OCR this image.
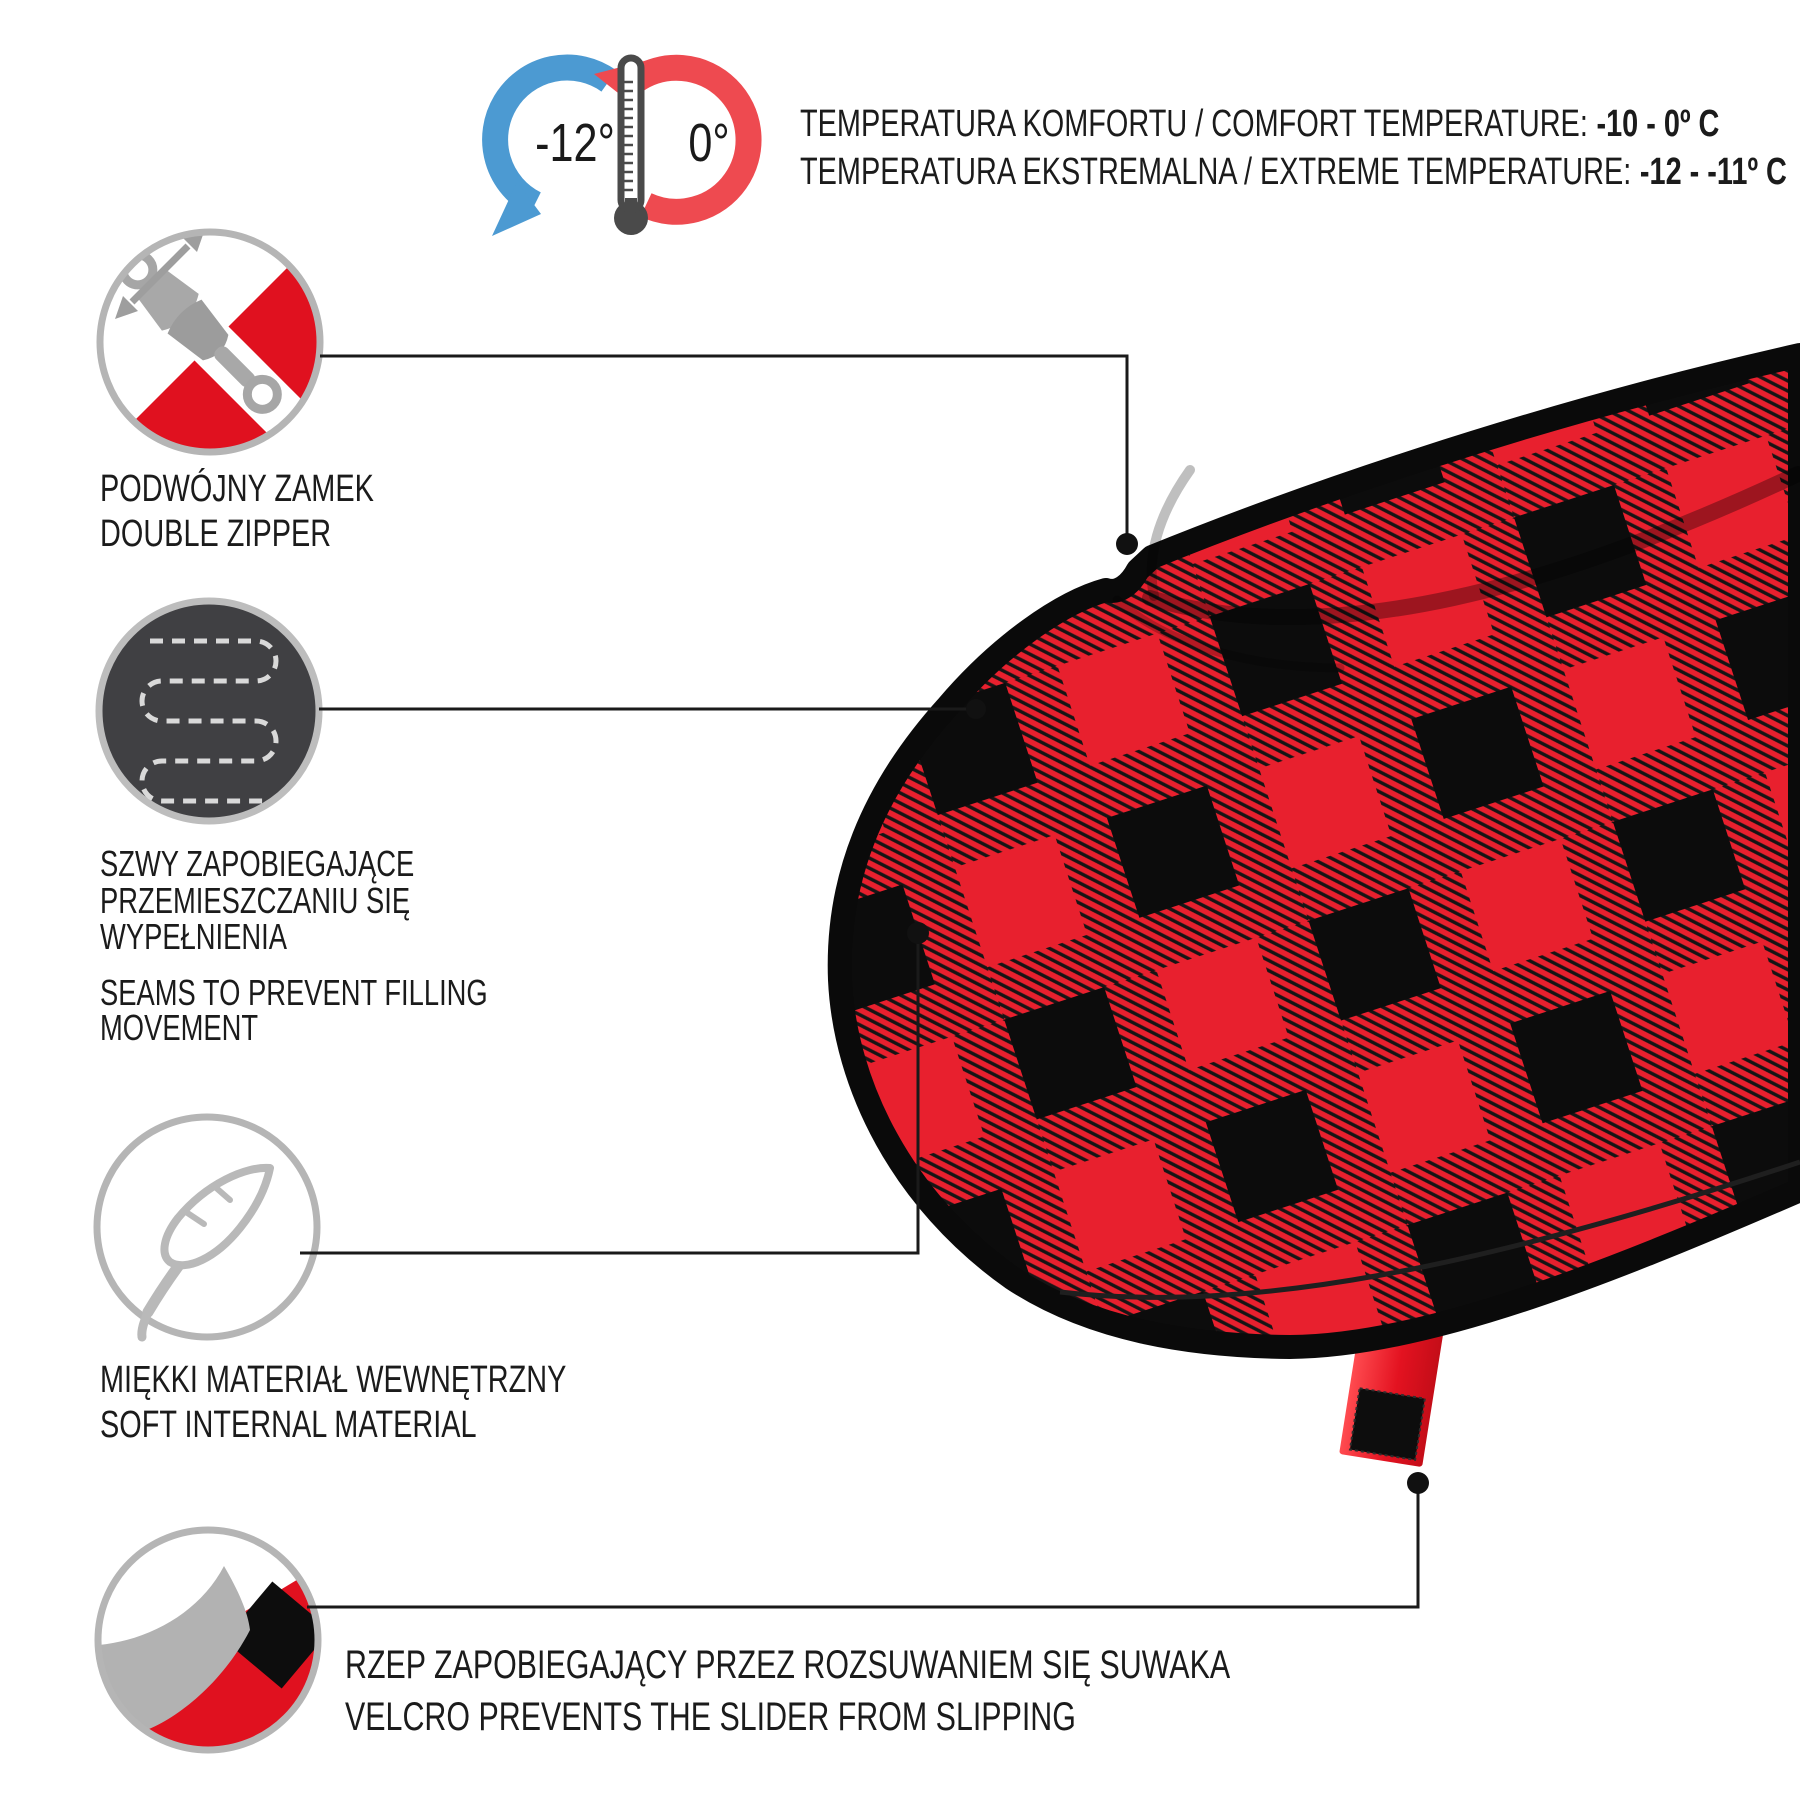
-12°	0°	TEMPERATURA KOMFORTU / COMFORT TEMPERATURE: -10 - 0º C
TEMPERATURA EKSTREMALNA / EXTREME TEMPERATURE: -12 - -11º C
PODWÓJNY ZAMEK
DOUBLE ZIPPER
SZWY ZAPOBIEGAJĄCE
PRZEMIESZCZANIU SIĘ
WYPEŁNIENIA
SEAMS TO PREVENT FILLING
MOVEMENT
MIĘKKI MATERIAŁ WEWNĘTRZNY
SOFT INTERNAL MATERIAL
RZEP ZAPOBIEGAJĄCY PRZEZ ROZSUWANIEM SIĘ SUWAKA
VELCRO PREVENTS THE SLIDER FROM SLIPPING
